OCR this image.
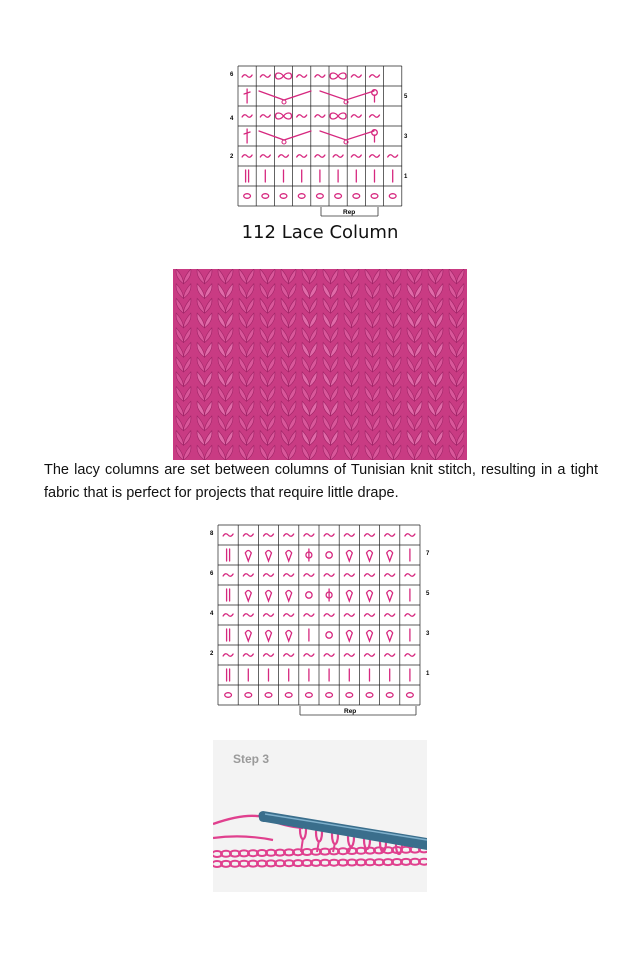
6
4
2
5
3
1
Rep
112 Lace Column
The lacy columns are set between columns of Tunisian knit stitch, resulting in a tight fabric that is perfect for projects that require little drape.
8
6
4
2
7
5
3
1
Rep
Step 3
